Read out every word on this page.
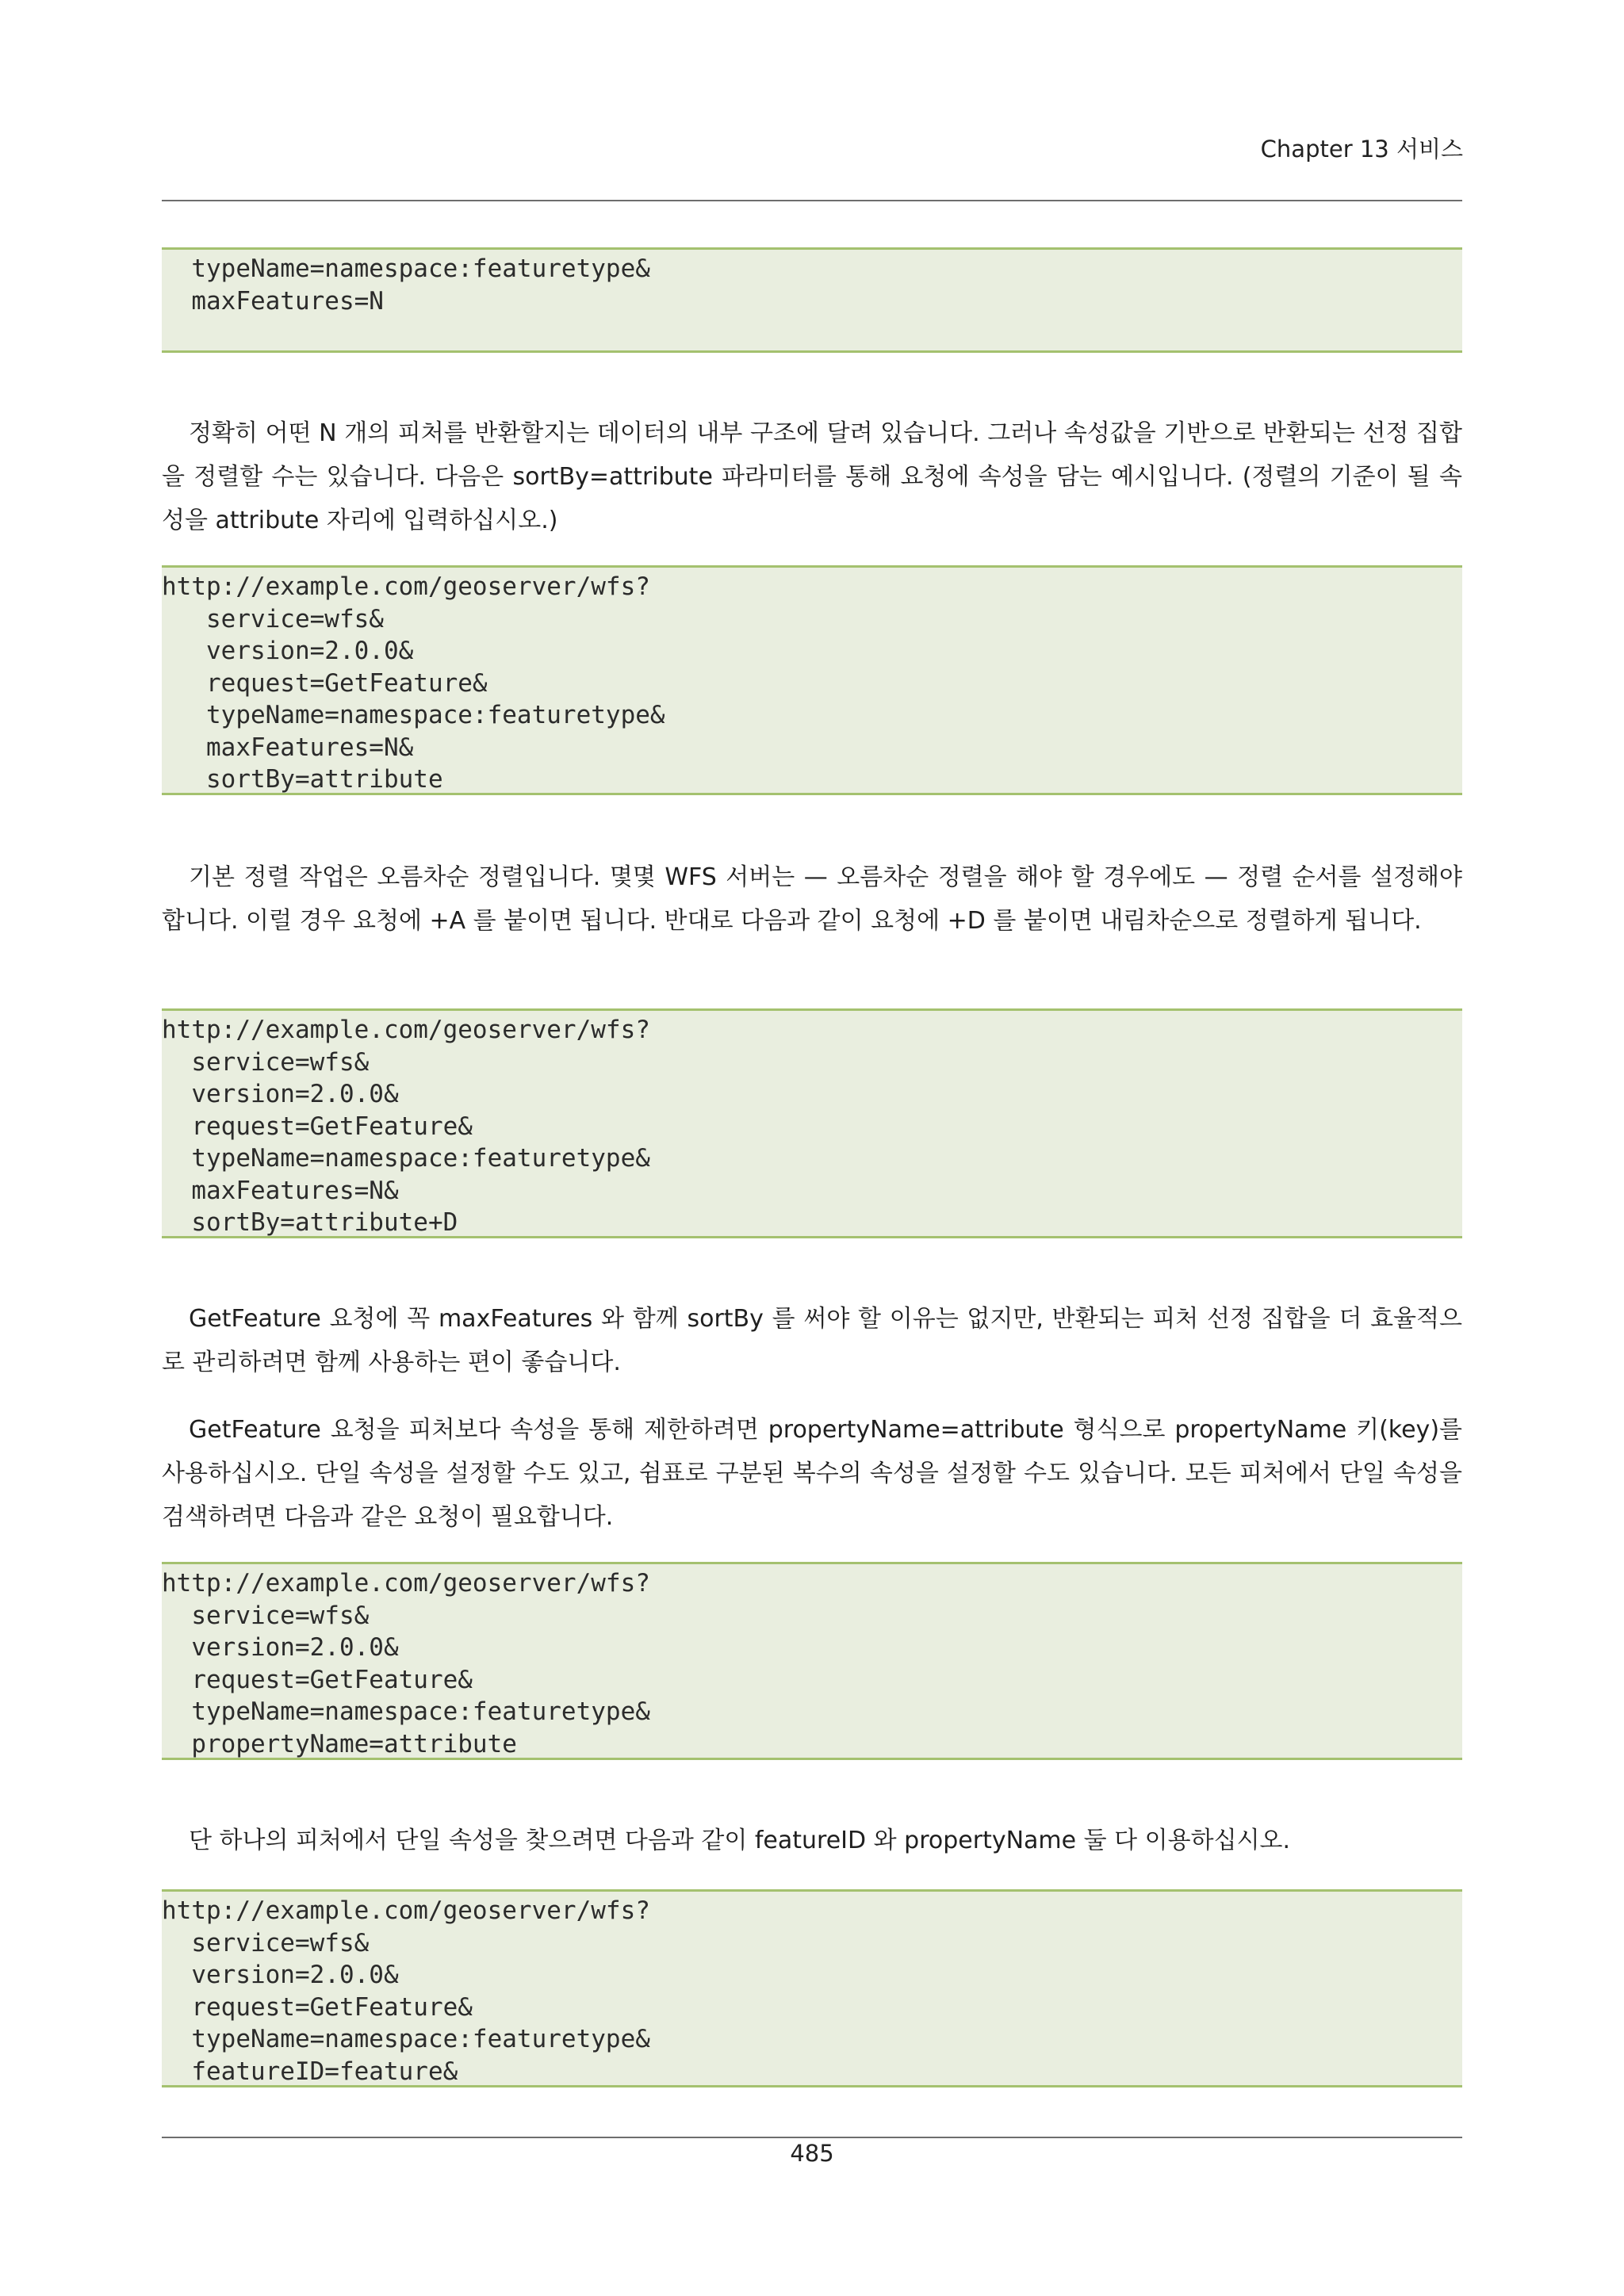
Chapter 13 서비스
typeName=namespace:featuretype&
maxFeatures=N
정확히 어떤 N 개의 피처를 반환할지는 데이터의 내부 구조에 달려 있습니다. 그러나 속성값을 기반으로 반환되는 선정 집합을 정렬할 수는 있습니다. 다음은 sortBy=attribute 파라미터를 통해 요청에 속성을 담는 예시입니다. (정렬의 기준이 될 속성을 attribute 자리에 입력하십시오.)
http://example.com/geoserver/wfs?
service=wfs&
version=2.0.0&
request=GetFeature&
typeName=namespace:featuretype&
maxFeatures=N&
sortBy=attribute
기본 정렬 작업은 오름차순 정렬입니다. 몇몇 WFS 서버는 — 오름차순 정렬을 해야 할 경우에도 — 정렬 순서를 설정해야 합니다. 이럴 경우 요청에 +A 를 붙이면 됩니다. 반대로 다음과 같이 요청에 +D 를 붙이면 내림차순으로 정렬하게 됩니다.
http://example.com/geoserver/wfs?
service=wfs&
version=2.0.0&
request=GetFeature&
typeName=namespace:featuretype&
maxFeatures=N&
sortBy=attribute+D
GetFeature 요청에 꼭 maxFeatures 와 함께 sortBy 를 써야 할 이유는 없지만, 반환되는 피처 선정 집합을 더 효율적으로 관리하려면 함께 사용하는 편이 좋습니다.
GetFeature 요청을 피처보다 속성을 통해 제한하려면 propertyName=attribute 형식으로 propertyName 키(key)를 사용하십시오. 단일 속성을 설정할 수도 있고, 쉼표로 구분된 복수의 속성을 설정할 수도 있습니다. 모든 피처에서 단일 속성을 검색하려면 다음과 같은 요청이 필요합니다.
http://example.com/geoserver/wfs?
service=wfs&
version=2.0.0&
request=GetFeature&
typeName=namespace:featuretype&
propertyName=attribute
단 하나의 피처에서 단일 속성을 찾으려면 다음과 같이 featureID 와 propertyName 둘 다 이용하십시오.
http://example.com/geoserver/wfs?
service=wfs&
version=2.0.0&
request=GetFeature&
typeName=namespace:featuretype&
featureID=feature&
485
